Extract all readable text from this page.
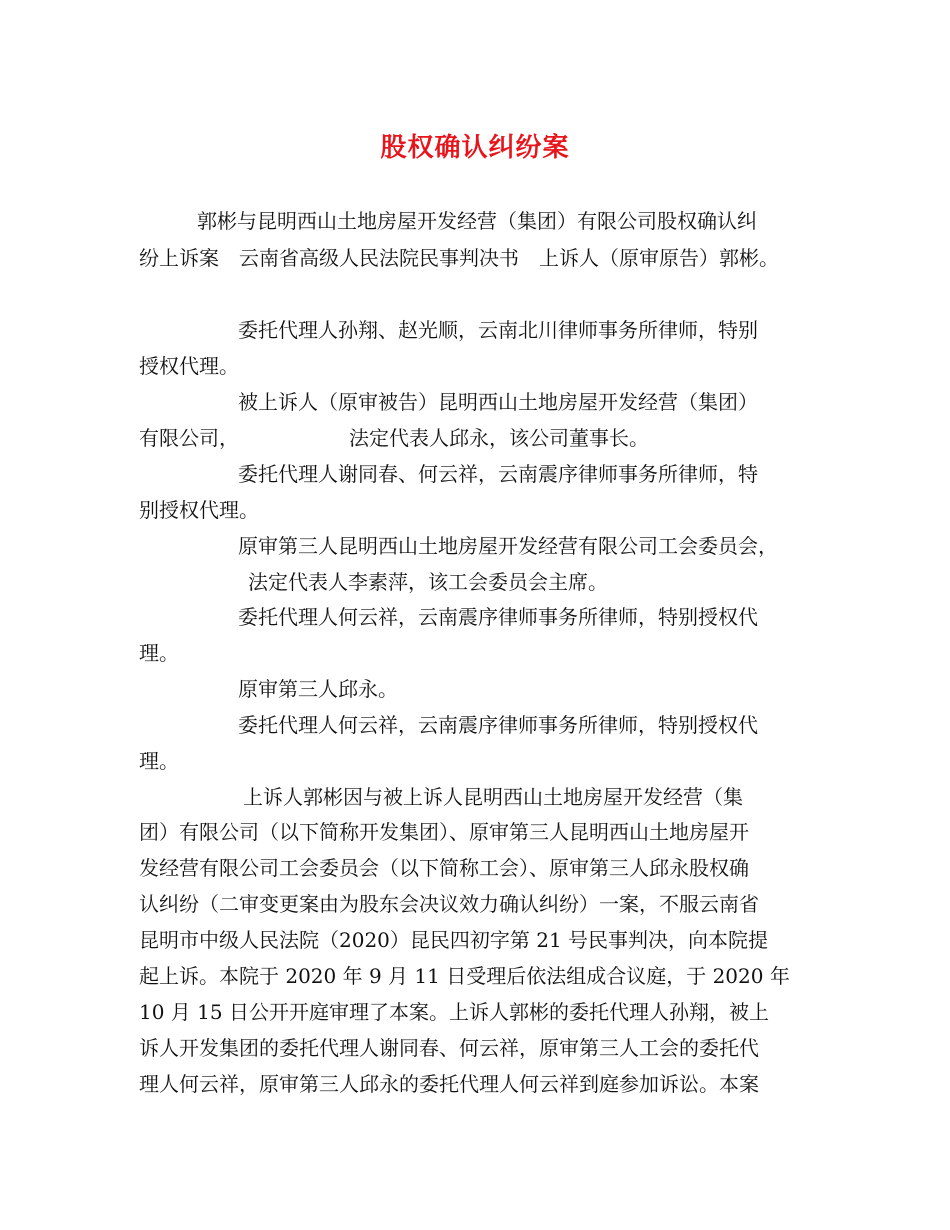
股权确认纠纷案
郭彬与昆明西山土地房屋开发经营（集团）有限公司股权确认纠
纷上诉案　云南省高级人民法院民事判决书　上诉人（原审原告）郭彬。
委托代理人孙翔、赵光顺，云南北川律师事务所律师，特别
授权代理。
被上诉人（原审被告）昆明西山土地房屋开发经营（集团）
有限公司，　　　　　　法定代表人邱永，该公司董事长。
委托代理人谢同春、何云祥，云南震序律师事务所律师，特
别授权代理。
原审第三人昆明西山土地房屋开发经营有限公司工会委员会，
法定代表人李素萍，该工会委员会主席。
委托代理人何云祥，云南震序律师事务所律师，特别授权代
理。
原审第三人邱永。
委托代理人何云祥，云南震序律师事务所律师，特别授权代
理。
上诉人郭彬因与被上诉人昆明西山土地房屋开发经营（集
团）有限公司（以下简称开发集团）、原审第三人昆明西山土地房屋开
发经营有限公司工会委员会（以下简称工会）、原审第三人邱永股权确
认纠纷（二审变更案由为股东会决议效力确认纠纷）一案，不服云南省
昆明市中级人民法院（2020）昆民四初字第 21 号民事判决，向本院提
起上诉。本院于 2020 年 9 月 11 日受理后依法组成合议庭，于 2020 年
10 月 15 日公开开庭审理了本案。上诉人郭彬的委托代理人孙翔，被上
诉人开发集团的委托代理人谢同春、何云祥，原审第三人工会的委托代
理人何云祥，原审第三人邱永的委托代理人何云祥到庭参加诉讼。本案
